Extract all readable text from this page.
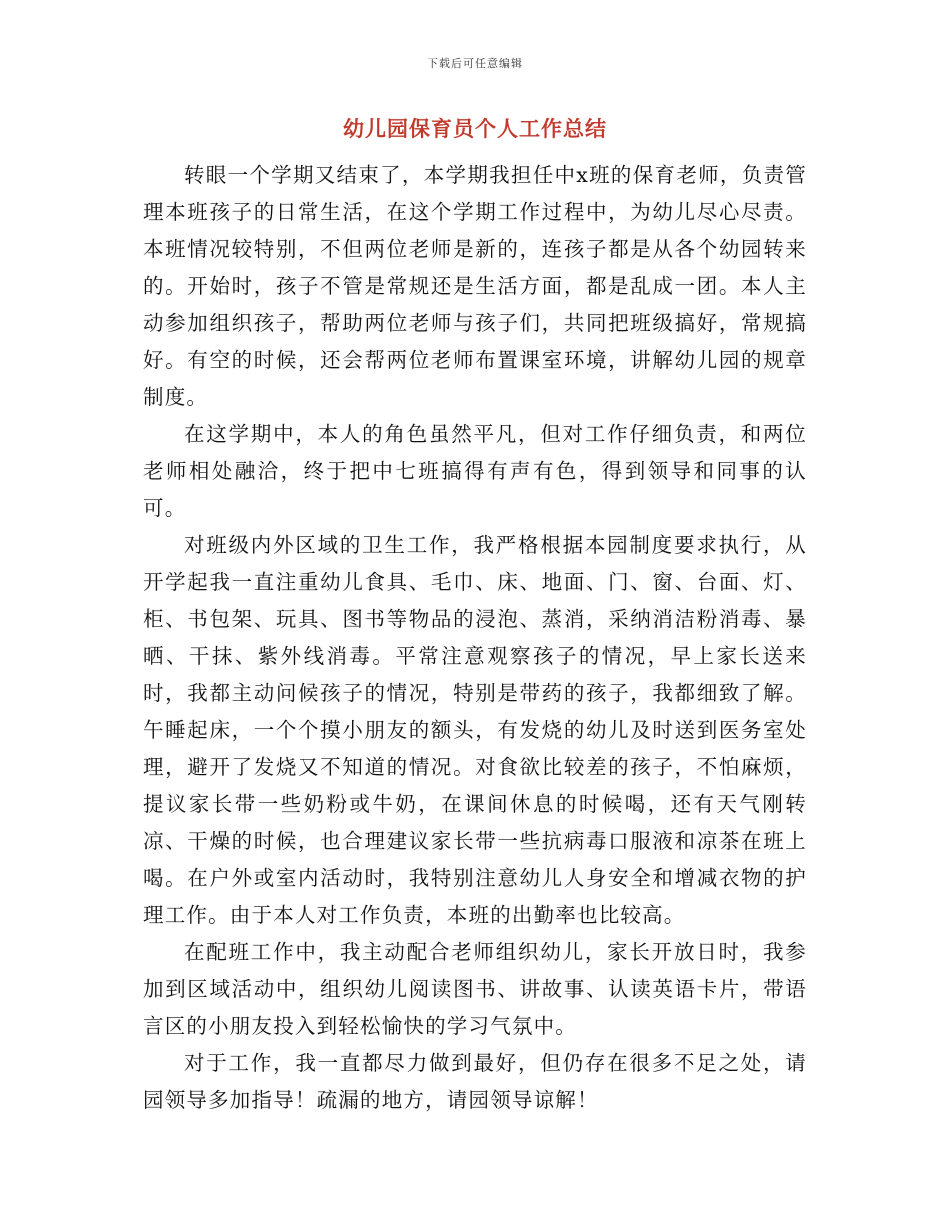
下载后可任意编辑
幼儿园保育员个人工作总结

转眼一个学期又结束了，本学期我担任中x班的保育老师，负责管理本班孩子的日常生活，在这个学期工作过程中，为幼儿尽心尽责。本班情况较特别，不但两位老师是新的，连孩子都是从各个幼园转来的。开始时，孩子不管是常规还是生活方面，都是乱成一团。本人主动参加组织孩子，帮助两位老师与孩子们，共同把班级搞好，常规搞好。有空的时候，还会帮两位老师布置课室环境，讲解幼儿园的规章制度。

在这学期中，本人的角色虽然平凡，但对工作仔细负责，和两位老师相处融洽，终于把中七班搞得有声有色，得到领导和同事的认可。

对班级内外区域的卫生工作，我严格根据本园制度要求执行，从开学起我一直注重幼儿食具、毛巾、床、地面、门、窗、台面、灯、柜、书包架、玩具、图书等物品的浸泡、蒸消，采纳消洁粉消毒、暴晒、干抹、紫外线消毒。平常注意观察孩子的情况，早上家长送来时，我都主动问候孩子的情况，特别是带药的孩子，我都细致了解。午睡起床，一个个摸小朋友的额头，有发烧的幼儿及时送到医务室处理，避开了发烧又不知道的情况。对食欲比较差的孩子，不怕麻烦，提议家长带一些奶粉或牛奶，在课间休息的时候喝，还有天气刚转凉、干燥的时候，也合理建议家长带一些抗病毒口服液和凉茶在班上喝。在户外或室内活动时，我特别注意幼儿人身安全和增减衣物的护理工作。由于本人对工作负责，本班的出勤率也比较高。

在配班工作中，我主动配合老师组织幼儿，家长开放日时，我参加到区域活动中，组织幼儿阅读图书、讲故事、认读英语卡片，带语言区的小朋友投入到轻松愉快的学习气氛中。

对于工作，我一直都尽力做到最好，但仍存在很多不足之处，请园领导多加指导！疏漏的地方，请园领导谅解！
